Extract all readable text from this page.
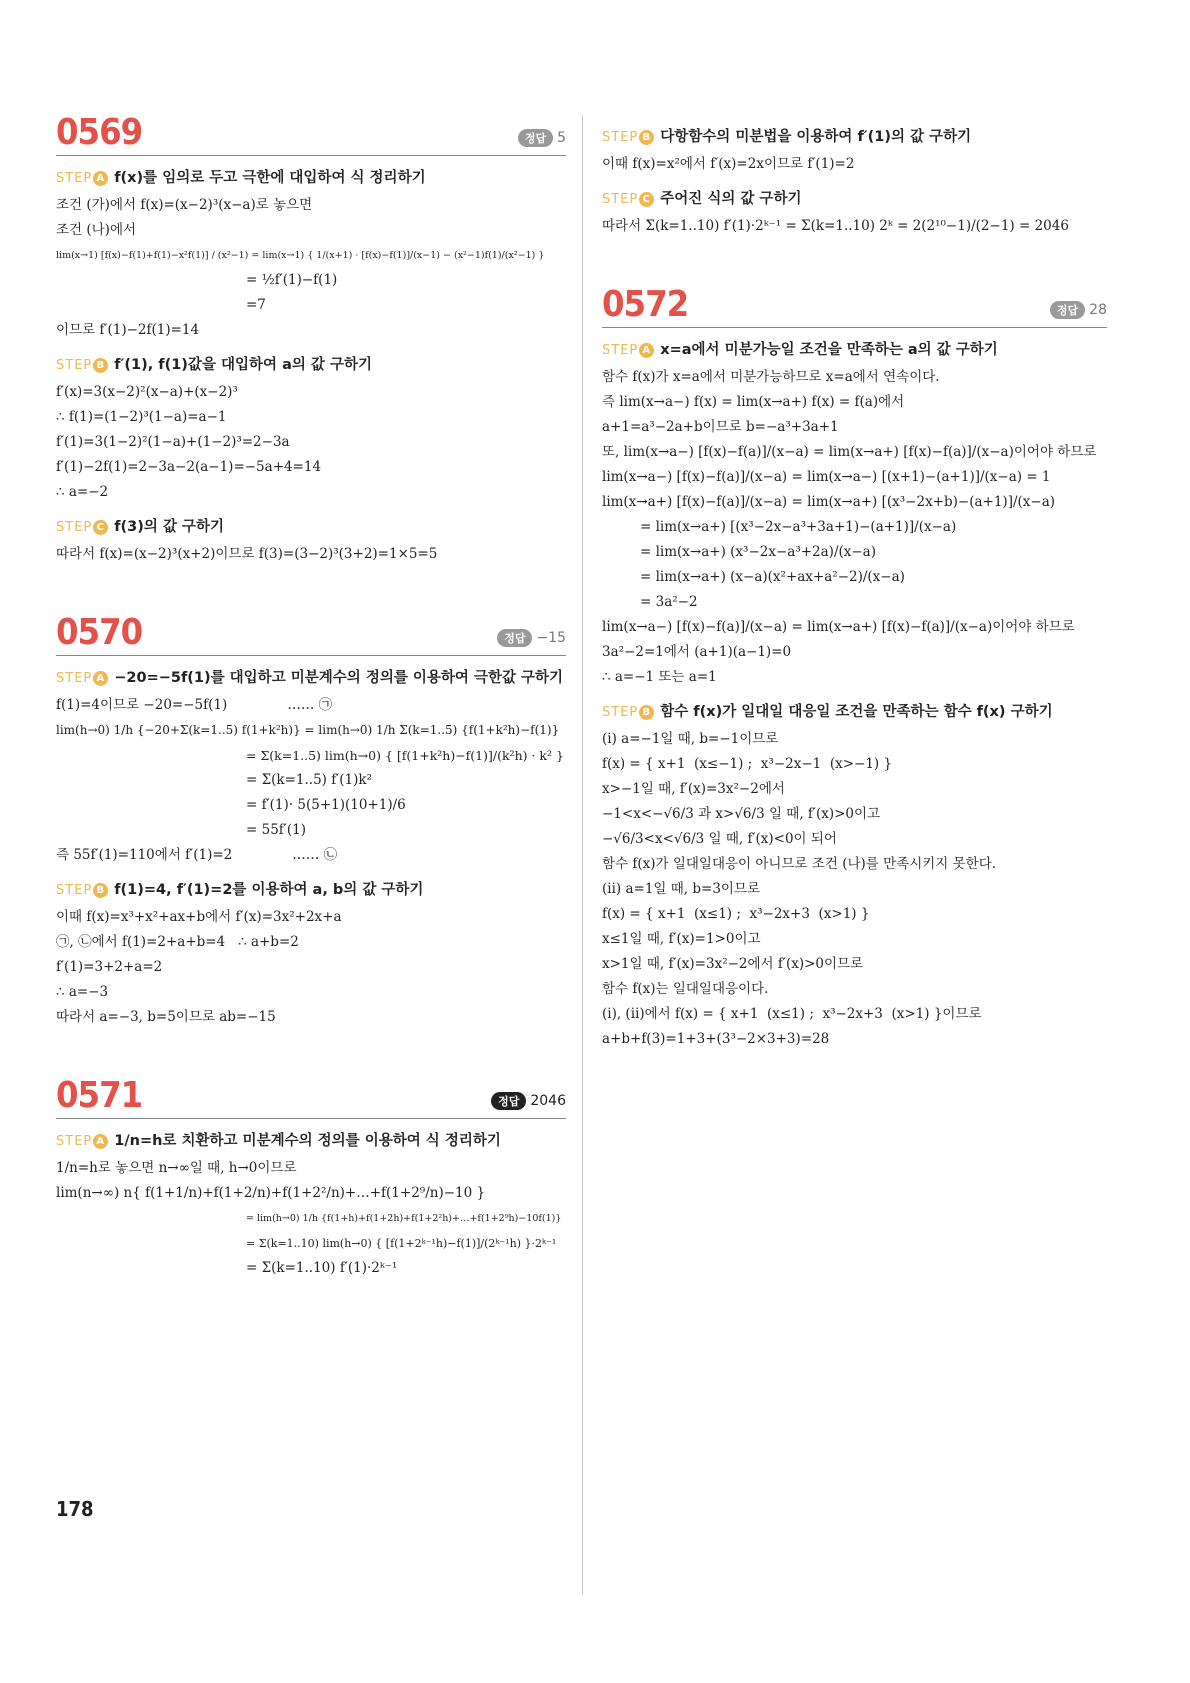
0569	정답 5
STEP A f(x)를 임의로 두고 극한에 대입하여 식 정리하기
조건 (가)에서 f(x)=(x−2)³(x−a)로 놓으면
조건 (나)에서
lim(x→1) [f(x)−f(1)+f(1)−x²f(1)] / (x²−1) = lim(x→1) { 1/(x+1) · [f(x)−f(1)]/(x−1) − (x²−1)f(1)/(x²−1) }
= ½f′(1)−f(1)
=7
이므로 f′(1)−2f(1)=14
STEP B f′(1), f(1)값을 대입하여 a의 값 구하기
f′(x)=3(x−2)²(x−a)+(x−2)³
∴ f(1)=(1−2)³(1−a)=a−1
f′(1)=3(1−2)²(1−a)+(1−2)³=2−3a
f′(1)−2f(1)=2−3a−2(a−1)=−5a+4=14
∴ a=−2
STEP C f(3)의 값 구하기
따라서 f(x)=(x−2)³(x+2)이므로 f(3)=(3−2)³(3+2)=1×5=5
0570	정답 −15
STEP A −20=−5f(1)를 대입하고 미분계수의 정의를 이용하여 극한값 구하기
f(1)=4이므로 −20=−5f(1)              …… ㉠
lim(h→0) 1/h {−20+Σ(k=1..5) f(1+k²h)} = lim(h→0) 1/h Σ(k=1..5) {f(1+k²h)−f(1)}
= Σ(k=1..5) lim(h→0) { [f(1+k²h)−f(1)]/(k²h) · k² }
= Σ(k=1..5) f′(1)k²
= f′(1)· 5(5+1)(10+1)/6
= 55f′(1)
즉 55f′(1)=110에서 f′(1)=2              …… ㉡
STEP B f(1)=4, f′(1)=2를 이용하여 a, b의 값 구하기
이때 f(x)=x³+x²+ax+b에서 f′(x)=3x²+2x+a
㉠, ㉡에서 f(1)=2+a+b=4   ∴ a+b=2
f′(1)=3+2+a=2
∴ a=−3
따라서 a=−3, b=5이므로 ab=−15
0571	정답 2046
STEP A 1/n=h로 치환하고 미분계수의 정의를 이용하여 식 정리하기
1/n=h로 놓으면 n→∞일 때, h→0이므로
lim(n→∞) n{ f(1+1/n)+f(1+2/n)+f(1+2²/n)+…+f(1+2⁹/n)−10 }
= lim(h→0) 1/h {f(1+h)+f(1+2h)+f(1+2²h)+…+f(1+2⁹h)−10f(1)}
= Σ(k=1..10) lim(h→0) { [f(1+2ᵏ⁻¹h)−f(1)]/(2ᵏ⁻¹h) }·2ᵏ⁻¹
= Σ(k=1..10) f′(1)·2ᵏ⁻¹
STEP B 다항함수의 미분법을 이용하여 f′(1)의 값 구하기
이때 f(x)=x²에서 f′(x)=2x이므로 f′(1)=2
STEP C 주어진 식의 값 구하기
따라서 Σ(k=1..10) f′(1)·2ᵏ⁻¹ = Σ(k=1..10) 2ᵏ = 2(2¹⁰−1)/(2−1) = 2046
0572	정답 28
STEP A x=a에서 미분가능일 조건을 만족하는 a의 값 구하기
함수 f(x)가 x=a에서 미분가능하므로 x=a에서 연속이다.
즉 lim(x→a−) f(x) = lim(x→a+) f(x) = f(a)에서
a+1=a³−2a+b이므로 b=−a³+3a+1
또, lim(x→a−) [f(x)−f(a)]/(x−a) = lim(x→a+) [f(x)−f(a)]/(x−a)이어야 하므로
lim(x→a−) [f(x)−f(a)]/(x−a) = lim(x→a−) [(x+1)−(a+1)]/(x−a) = 1
lim(x→a+) [f(x)−f(a)]/(x−a) = lim(x→a+) [(x³−2x+b)−(a+1)]/(x−a)
= lim(x→a+) [(x³−2x−a³+3a+1)−(a+1)]/(x−a)
= lim(x→a+) (x³−2x−a³+2a)/(x−a)
= lim(x→a+) (x−a)(x²+ax+a²−2)/(x−a)
= 3a²−2
lim(x→a−) [f(x)−f(a)]/(x−a) = lim(x→a+) [f(x)−f(a)]/(x−a)이어야 하므로
3a²−2=1에서 (a+1)(a−1)=0
∴ a=−1 또는 a=1
STEP B 함수 f(x)가 일대일 대응일 조건을 만족하는 함수 f(x) 구하기
(ⅰ) a=−1일 때, b=−1이므로
f(x) = { x+1  (x≤−1) ;  x³−2x−1  (x>−1) }
x>−1일 때, f′(x)=3x²−2에서
−1<x<−√6/3 과 x>√6/3 일 때, f′(x)>0이고
−√6/3<x<√6/3 일 때, f′(x)<0이 되어
함수 f(x)가 일대일대응이 아니므로 조건 (나)를 만족시키지 못한다.
(ⅱ) a=1일 때, b=3이므로
f(x) = { x+1  (x≤1) ;  x³−2x+3  (x>1) }
x≤1일 때, f′(x)=1>0이고
x>1일 때, f′(x)=3x²−2에서 f′(x)>0이므로
함수 f(x)는 일대일대응이다.
(ⅰ), (ⅱ)에서 f(x) = { x+1  (x≤1) ;  x³−2x+3  (x>1) }이므로
a+b+f(3)=1+3+(3³−2×3+3)=28
178
